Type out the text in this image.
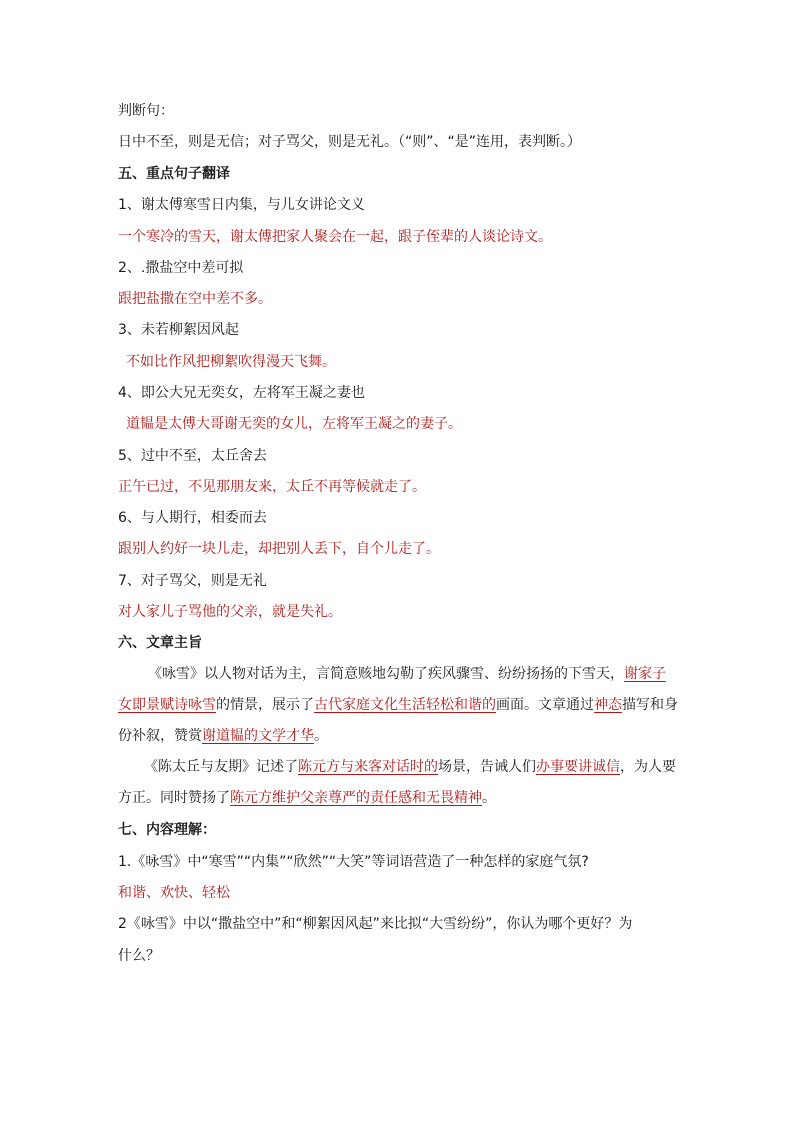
判断句：
日中不至，则是无信；对子骂父，则是无礼。（“则”、“是”连用，表判断。）
五、重点句子翻译
1、谢太傅寒雪日内集，与儿女讲论文义
一个寒冷的雪天，谢太傅把家人聚会在一起，跟子侄辈的人谈论诗文。
2、.撒盐空中差可拟
跟把盐撒在空中差不多。
3、未若柳絮因风起
不如比作风把柳絮吹得漫天飞舞。
4、即公大兄无奕女，左将军王凝之妻也
道韫是太傅大哥谢无奕的女儿，左将军王凝之的妻子。
5、过中不至，太丘舍去
正午已过，不见那朋友来，太丘不再等候就走了。
6、与人期行，相委而去
跟别人约好一块儿走，却把别人丢下，自个儿走了。
7、对子骂父，则是无礼
对人家儿子骂他的父亲，就是失礼。
六、文章主旨
《咏雪》以人物对话为主，言简意赅地勾勒了疾风骤雪、纷纷扬扬的下雪天，谢家子
女即景赋诗咏雪的情景，展示了古代家庭文化生活轻松和谐的画面。文章通过神态描写和身
份补叙，赞赏谢道韫的文学才华。
《陈太丘与友期》记述了陈元方与来客对话时的场景，告诫人们办事要讲诚信，为人要
方正。同时赞扬了陈元方维护父亲尊严的责任感和无畏精神。
七、内容理解：
1.《咏雪》中“寒雪”“内集”“欣然”“大笑”等词语营造了一种怎样的家庭气氛?
和谐、欢快、轻松
2《咏雪》中以“撒盐空中”和“柳絮因风起”来比拟“大雪纷纷”，你认为哪个更好？为
什么？
